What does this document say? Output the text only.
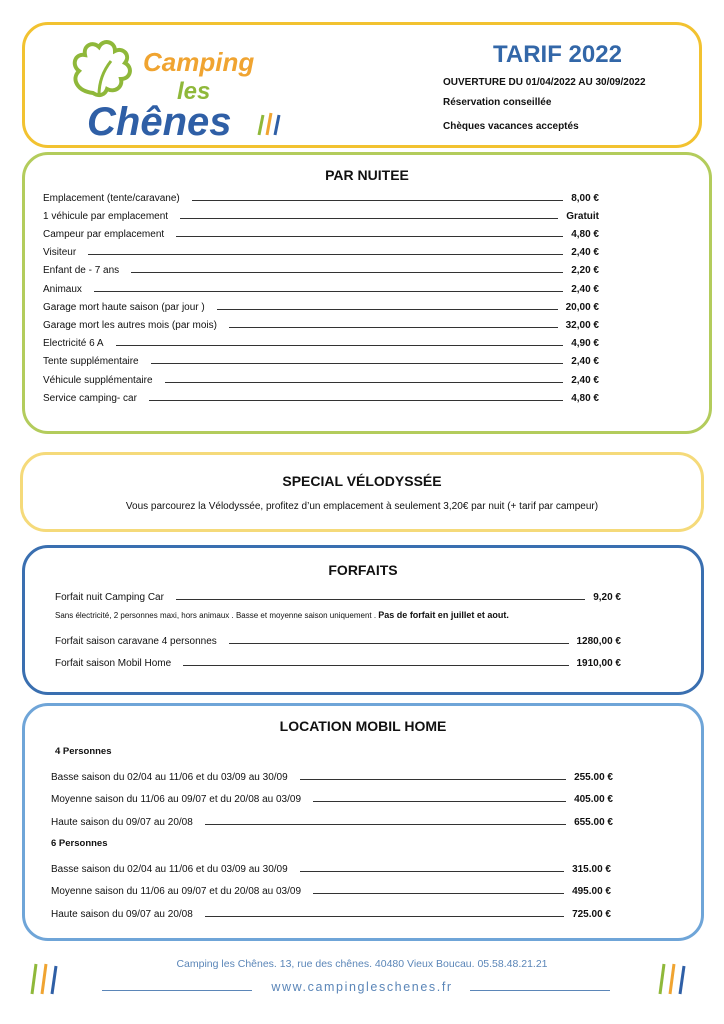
Camping
les
Chênes
TARIF 2022
OUVERTURE DU 01/04/2022 AU 30/09/2022
Réservation conseillée
Chèques vacances acceptés
PAR NUITEE
Emplacement (tente/caravane)	8,00 €
1 véhicule par emplacement	Gratuit
Campeur par emplacement	4,80 €
Visiteur	2,40 €
Enfant de - 7 ans	2,20 €
Animaux	2,40 €
Garage mort haute saison (par jour )	20,00 €
Garage mort les autres mois (par mois)	32,00 €
Electricité 6 A	4,90 €
Tente supplémentaire	2,40 €
Véhicule supplémentaire	2,40 €
Service camping- car	4,80 €
SPECIAL VÉLODYSSÉE
Vous parcourez la Vélodyssée, profitez d’un emplacement à seulement 3,20€ par nuit (+ tarif par campeur)
FORFAITS
Forfait nuit Camping Car	9,20 €
Sans électricité, 2 personnes maxi, hors animaux . Basse et moyenne saison uniquement . Pas de forfait en juillet et aout.
Forfait saison caravane 4 personnes	1280,00 €
Forfait saison Mobil Home	1910,00 €
LOCATION MOBIL HOME
4 Personnes
Basse saison du 02/04 au 11/06 et du 03/09 au 30/09	255.00 €
Moyenne saison du 11/06 au 09/07 et du 20/08 au 03/09	405.00 €
Haute saison du 09/07 au 20/08	655.00 €
6 Personnes
Basse saison du 02/04 au 11/06 et du 03/09 au 30/09	315.00 €
Moyenne saison du 11/06 au 09/07 et du 20/08 au 03/09	495.00 €
Haute saison du 09/07 au 20/08	725.00 €
Camping les Chênes. 13, rue des chênes. 40480 Vieux Boucau. 05.58.48.21.21
www.campingleschenes.fr
